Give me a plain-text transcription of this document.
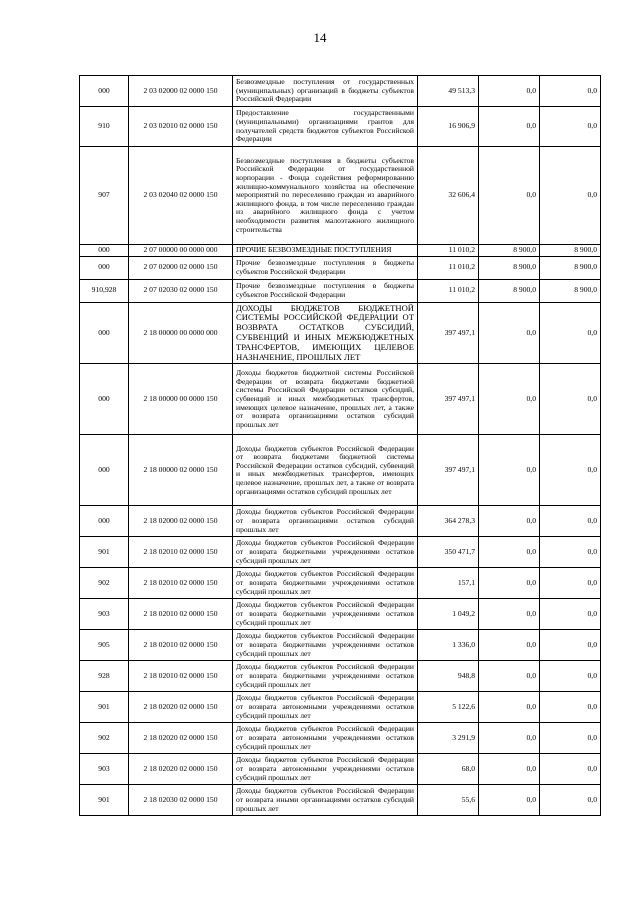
14
000	2 03 02000 02 0000 150	Безвозмездные поступления от государственных (муниципальных) организаций в бюджеты субъектов Российской Федерации	49 513,3	0,0	0,0
910	2 03 02010 02 0000 150	Предоставление государственными (муниципальными) организациями грантов для получателей средств бюджетов субъектов Российской Федерации	16 906,9	0,0	0,0
907	2 03 02040 02 0000 150	Безвозмездные поступления в бюджеты субъектов Российской Федерации от государственной корпорации - Фонда содействия реформированию жилищно-коммунального хозяйства на обеспечение мероприятий по переселению граждан из аварийного жилищного фонда, в том числе переселению граждан из аварийного жилищного фонда с учетом необходимости развития малоэтажного жилищного строительства	32 606,4	0,0	0,0
000	2 07 00000 00 0000 000	ПРОЧИЕ БЕЗВОЗМЕЗДНЫЕ ПОСТУПЛЕНИЯ	11 010,2	8 900,0	8 900,0
000	2 07 02000 02 0000 150	Прочие безвозмездные поступления в бюджеты субъектов Российской Федерации	11 010,2	8 900,0	8 900,0
910,928	2 07 02030 02 0000 150	Прочие безвозмездные поступления в бюджеты субъектов Российской Федерации	11 010,2	8 900,0	8 900,0
000	2 18 00000 00 0000 000	ДОХОДЫ БЮДЖЕТОВ БЮДЖЕТНОЙ СИСТЕМЫ РОССИЙСКОЙ ФЕДЕРАЦИИ ОТ ВОЗВРАТА ОСТАТКОВ СУБСИДИЙ, СУБВЕНЦИЙ И ИНЫХ МЕЖБЮДЖЕТНЫХ ТРАНСФЕРТОВ, ИМЕЮЩИХ ЦЕЛЕВОЕ НАЗНАЧЕНИЕ, ПРОШЛЫХ ЛЕТ	397 497,1	0,0	0,0
000	2 18 00000 00 0000 150	Доходы бюджетов бюджетной системы Российской Федерации от возврата бюджетами бюджетной системы Российской Федерации остатков субсидий, субвенций и иных межбюджетных трансфертов, имеющих целевое назначение, прошлых лет, а также от возврата организациями остатков субсидий прошлых лет	397 497,1	0,0	0,0
000	2 18 00000 02 0000 150	Доходы бюджетов субъектов Российской Федерации от возврата бюджетами бюджетной системы Российской Федерации остатков субсидий, субвенций и иных межбюджетных трансфертов, имеющих целевое назначение, прошлых лет, а также от возврата организациями остатков субсидий прошлых лет	397 497,1	0,0	0,0
000	2 18 02000 02 0000 150	Доходы бюджетов субъектов Российской Федерации от возврата организациями остатков субсидий прошлых лет	364 278,3	0,0	0,0
901	2 18 02010 02 0000 150	Доходы бюджетов субъектов Российской Федерации от возврата бюджетными учреждениями остатков субсидий прошлых лет	350 471,7	0,0	0,0
902	2 18 02010 02 0000 150	Доходы бюджетов субъектов Российской Федерации от возврата бюджетными учреждениями остатков субсидий прошлых лет	157,1	0,0	0,0
903	2 18 02010 02 0000 150	Доходы бюджетов субъектов Российской Федерации от возврата бюджетными учреждениями остатков субсидий прошлых лет	1 049,2	0,0	0,0
905	2 18 02010 02 0000 150	Доходы бюджетов субъектов Российской Федерации от возврата бюджетными учреждениями остатков субсидий прошлых лет	1 336,0	0,0	0,0
928	2 18 02010 02 0000 150	Доходы бюджетов субъектов Российской Федерации от возврата бюджетными учреждениями остатков субсидий прошлых лет	948,8	0,0	0,0
901	2 18 02020 02 0000 150	Доходы бюджетов субъектов Российской Федерации от возврата автономными учреждениями остатков субсидий прошлых лет	5 122,6	0,0	0,0
902	2 18 02020 02 0000 150	Доходы бюджетов субъектов Российской Федерации от возврата автономными учреждениями остатков субсидий прошлых лет	3 291,9	0,0	0,0
903	2 18 02020 02 0000 150	Доходы бюджетов субъектов Российской Федерации от возврата автономными учреждениями остатков субсидий прошлых лет	68,0	0,0	0,0
901	2 18 02030 02 0000 150	Доходы бюджетов субъектов Российской Федерации от возврата иными организациями остатков субсидий прошлых лет	55,6	0,0	0,0
